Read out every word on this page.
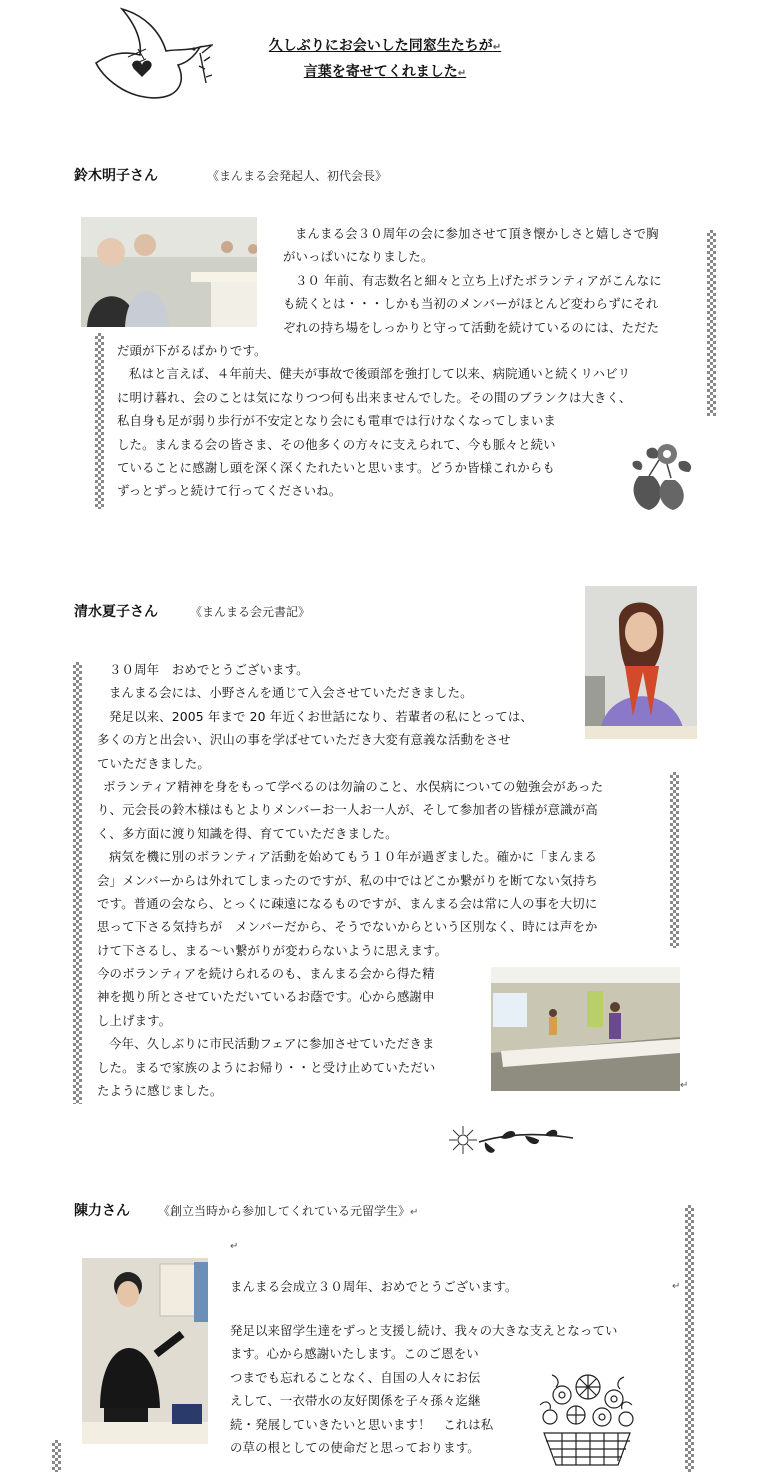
久しぶりにお会いした同窓生たちが↵
言葉を寄せてくれました↵
鈴木明子さん	《まんまる会発起人、初代会長》
まんまる会３０周年の会に参加させて頂き懐かしさと嬉しさで胸
がいっぱいになりました。
３０ 年前、有志数名と細々と立ち上げたボランティアがこんなに
も続くとは・・・しかも当初のメンバーがほとんど変わらずにそれ
ぞれの持ち場をしっかりと守って活動を続けているのには、ただた
だ頭が下がるばかりです。
私はと言えば、４年前夫、健夫が事故で後頭部を強打して以来、病院通いと続くリハビリ
に明け暮れ、会のことは気になりつつ何も出来ませんでした。その間のブランクは大きく、
私自身も足が弱り歩行が不安定となり会にも電車では行けなくなってしまいま
した。まんまる会の皆さま、その他多くの方々に支えられて、今も脈々と続い
ていることに感謝し頭を深く深くたれたいと思います。どうか皆様これからも
ずっとずっと続けて行ってくださいね。
清水夏子さん	《まんまる会元書記》
３０周年　おめでとうございます。
まんまる会には、小野さんを通じて入会させていただきました。
発足以来、2005 年まで 20 年近くお世話になり、若輩者の私にとっては、
多くの方と出会い、沢山の事を学ばせていただき大変有意義な活動をさせ
ていただきました。
ボランティア精神を身をもって学べるのは勿論のこと、水俣病についての勉強会があった
り、元会長の鈴木様はもとよりメンバーお一人お一人が、そして参加者の皆様が意識が高
く、多方面に渡り知識を得、育てていただきました。
病気を機に別のボランティア活動を始めてもう１０年が過ぎました。確かに「まんまる
会」メンバーからは外れてしまったのですが、私の中ではどこか繋がりを断てない気持ち
です。普通の会なら、とっくに疎遠になるものですが、まんまる会は常に人の事を大切に
思って下さる気持ちが　メンバーだから、そうでないからという区別なく、時には声をか
けて下さるし、まる～い繋がりが変わらないように思えます。
今のボランティアを続けられるのも、まんまる会から得た精
神を拠り所とさせていただいているお蔭です。心から感謝申
し上げます。
今年、久しぶりに市民活動フェアに参加させていただきま
した。まるで家族のようにお帰り・・と受け止めていただい
たように感じました。	↵
陳力さん 《創立当時から参加してくれている元留学生》↵
↵
まんまる会成立３０周年、おめでとうございます。	↵
発足以来留学生達をずっと支援し続け、我々の大きな支えとなってい
ます。心から感謝いたします。このご恩をい
つまでも忘れることなく、自国の人々にお伝
えして、一衣帯水の友好関係を子々孫々迄継
続・発展していきたいと思います！　これは私
の草の根としての使命だと思っております。
